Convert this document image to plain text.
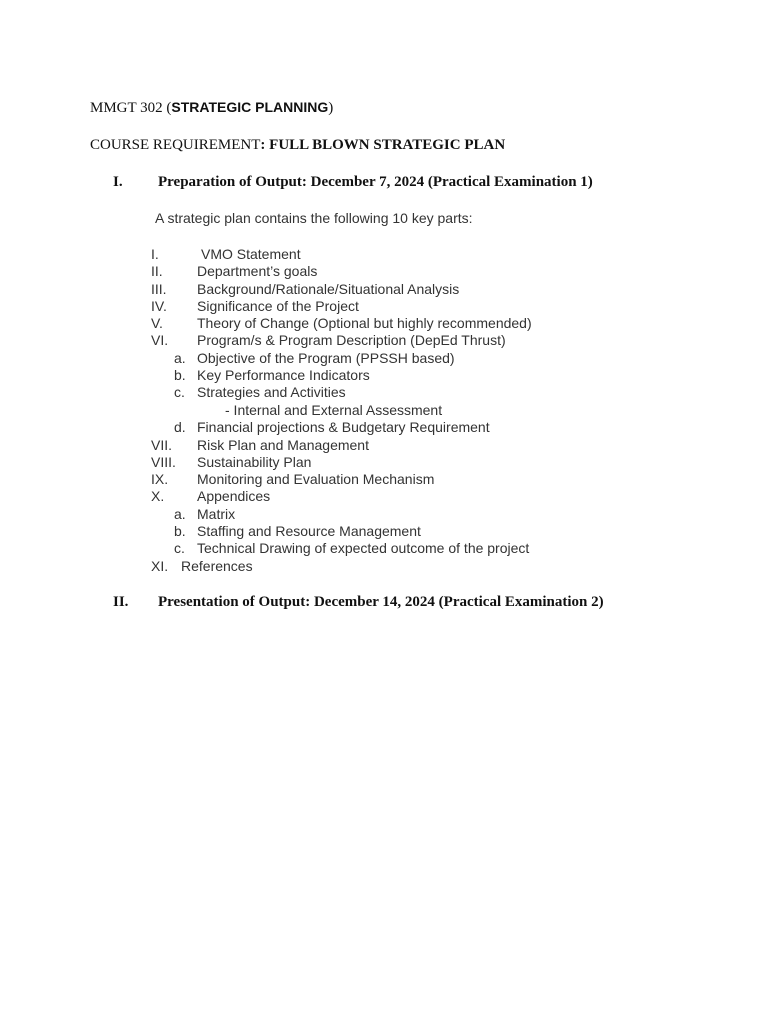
MMGT 302 (STRATEGIC PLANNING)
COURSE REQUIREMENT: FULL BLOWN STRATEGIC PLAN
I. Preparation of Output: December 7, 2024 (Practical Examination 1)
A strategic plan contains the following 10 key parts:
I.	VMO Statement
II. Department’s goals
III. Background/Rationale/Situational Analysis
IV. Significance of the Project
V. Theory of Change (Optional but highly recommended)
VI. Program/s & Program Description (DepEd Thrust)
a. Objective of the Program (PPSSH based)
b. Key Performance Indicators
c. Strategies and Activities
- Internal and External Assessment
d. Financial projections & Budgetary Requirement
VII. Risk Plan and Management
VIII. Sustainability Plan
IX. Monitoring and Evaluation Mechanism
X. Appendices
a. Matrix
b. Staffing and Resource Management
c. Technical Drawing of expected outcome of the project
XI. References
II. Presentation of Output: December 14, 2024 (Practical Examination 2)
